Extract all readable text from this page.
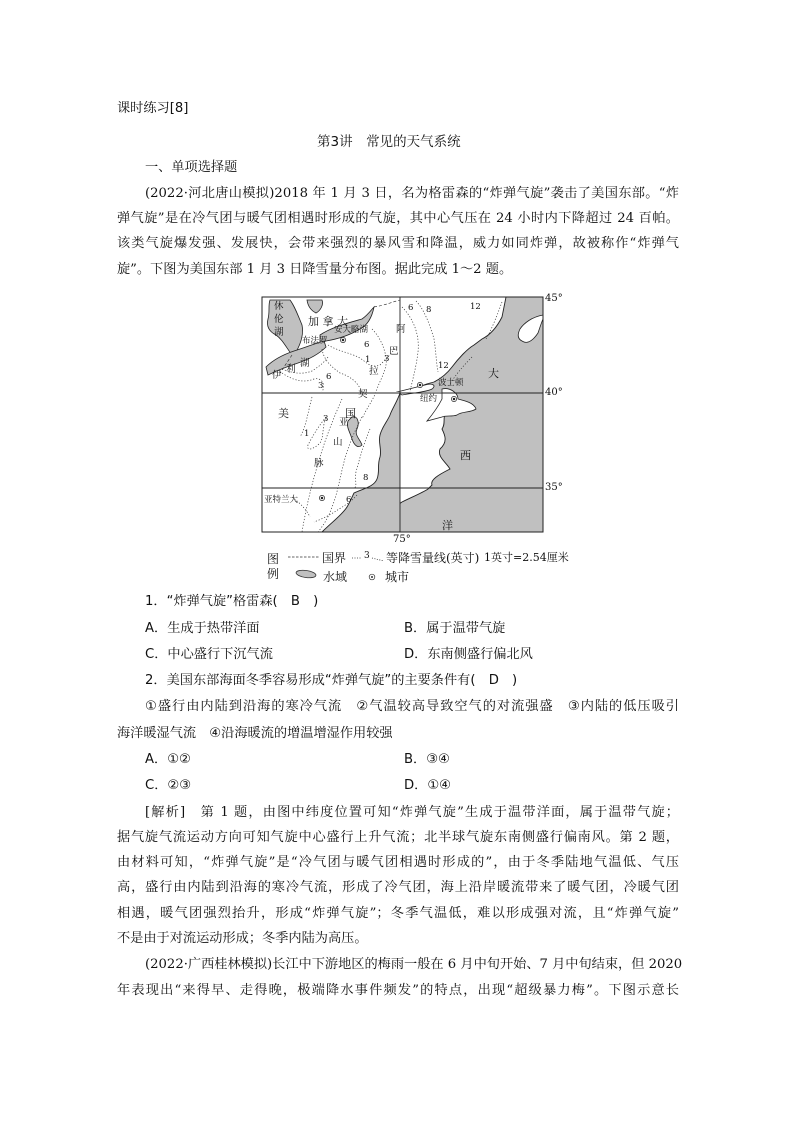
课时练习[8]
第3讲　常见的天气系统
一、单项选择题
(2022·河北唐山模拟)2018 年 1 月 3 日，名为格雷森的“炸弹气旋”袭击了美国东部。“炸
弹气旋”是在冷气团与暖气团相遇时形成的气旋，其中心气压在 24 小时内下降超过 24 百帕。
该类气旋爆发强、发展快，会带来强烈的暴风雪和降温，威力如同炸弹，故被称作“炸弹气
旋”。下图为美国东部 1 月 3 日降雪量分布图。据此完成 1～2 题。
休
伦
湖
加 拿 大
布法罗
安大略湖
伊
利
湖
阿
巴
拉
契
亚
山
脉
美	国
波士顿
纽约
亚特兰大
大
西
洋
6
3
1
6
3
6 8	12
12
3
1
8
6
45°
40°
35°
75°
图
例
国界 3 等降雪量线(英寸) 1英寸=2.54厘米
水域	城市
1．“炸弹气旋”格雷森(　B　)
A．生成于热带洋面	B．属于温带气旋
C．中心盛行下沉气流	D．东南侧盛行偏北风
2．美国东部海面冬季容易形成“炸弹气旋”的主要条件有(　D　)
①盛行由内陆到沿海的寒冷气流　②气温较高导致空气的对流强盛　③内陆的低压吸引
海洋暖湿气流　④沿海暖流的增温增湿作用较强
A．①②	B．③④
C．②③	D．①④
[解析]　第 1 题，由图中纬度位置可知“炸弹气旋”生成于温带洋面，属于温带气旋；
据气旋气流运动方向可知气旋中心盛行上升气流；北半球气旋东南侧盛行偏南风。第 2 题，
由材料可知，“炸弹气旋”是“冷气团与暖气团相遇时形成的”，由于冬季陆地气温低、气压
高，盛行由内陆到沿海的寒冷气流，形成了冷气团，海上沿岸暖流带来了暖气团，冷暖气团
相遇，暖气团强烈抬升，形成“炸弹气旋”；冬季气温低，难以形成强对流，且“炸弹气旋”
不是由于对流运动形成；冬季内陆为高压。
(2022·广西桂林模拟)长江中下游地区的梅雨一般在 6 月中旬开始、7 月中旬结束，但 2020
年表现出“来得早、走得晚，极端降水事件频发”的特点，出现“超级暴力梅”。下图示意长
